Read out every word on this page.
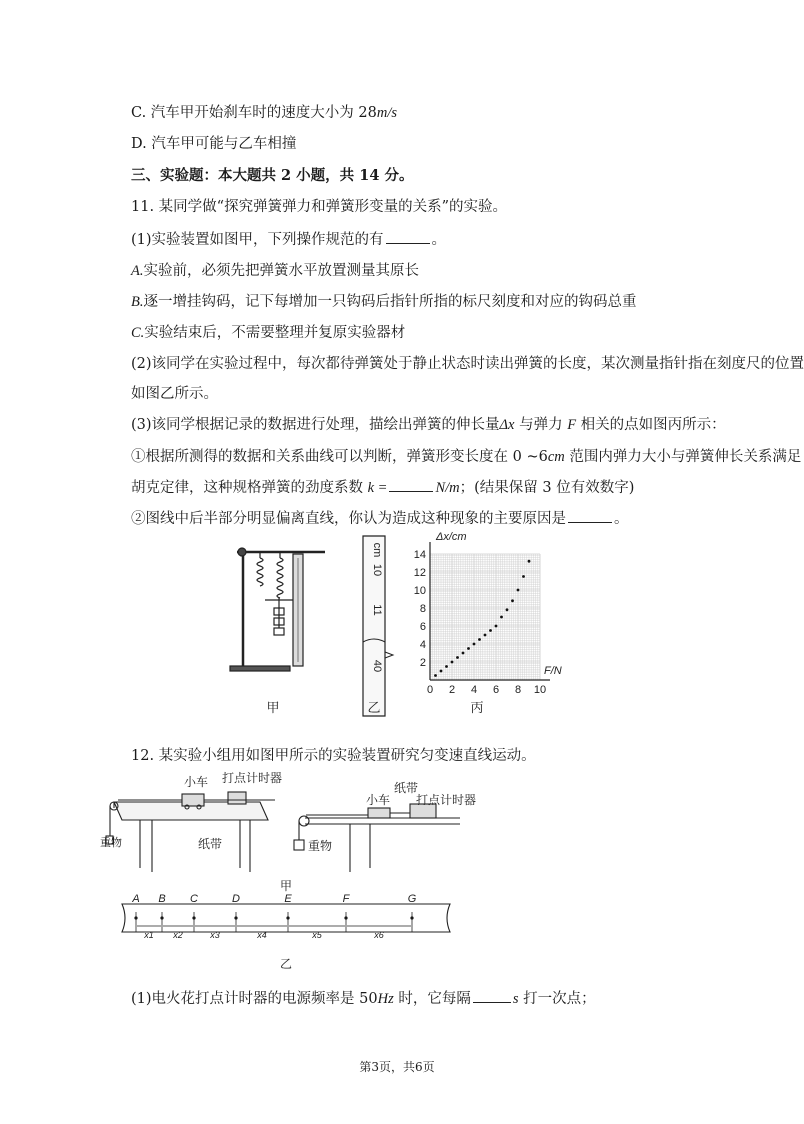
C. 汽车甲开始刹车时的速度大小为 28m/s
D. 汽车甲可能与乙车相撞
三、实验题：本大题共 2 小题，共 14 分。
11. 某同学做“探究弹簧弹力和弹簧形变量的关系”的实验。
(1)实验装置如图甲，下列操作规范的有	。
A.实验前，必须先把弹簧水平放置测量其原长
B.逐一增挂钩码，记下每增加一只钩码后指针所指的标尺刻度和对应的钩码总重
C.实验结束后，不需要整理并复原实验器材
(2)该同学在实验过程中，每次都待弹簧处于静止状态时读出弹簧的长度，某次测量指针指在刻度尺的位置
如图乙所示。
(3)该同学根据记录的数据进行处理，描绘出弹簧的伸长量Δx 与弹力 F 相关的点如图丙所示：
①根据所测得的数据和关系曲线可以判断，弹簧形变长度在 0 ~6cm 范围内弹力大小与弹簧伸长关系满足
胡克定律，这种规格弹簧的劲度系数 k =	N/m；(结果保留 3 位有效数字)
②图线中后半部分明显偏离直线，你认为造成这种现象的主要原因是	。
甲
cm
10
11
40
乙
0 2 4 6 8 10
2
4
6
8
10
12
14
F/N
Δx/cm
丙
小车 打点计时器
重物	纸带
纸带
小车 打点计时器
重物
甲
A B C	D	E	F	G
x1 x2	x3	x4	x5	x6
乙
12. 某实验小组用如图甲所示的实验装置研究匀变速直线运动。
(1)电火花打点计时器的电源频率是 50Hz 时，它每隔	s 打一次点；
第3页，共6页
